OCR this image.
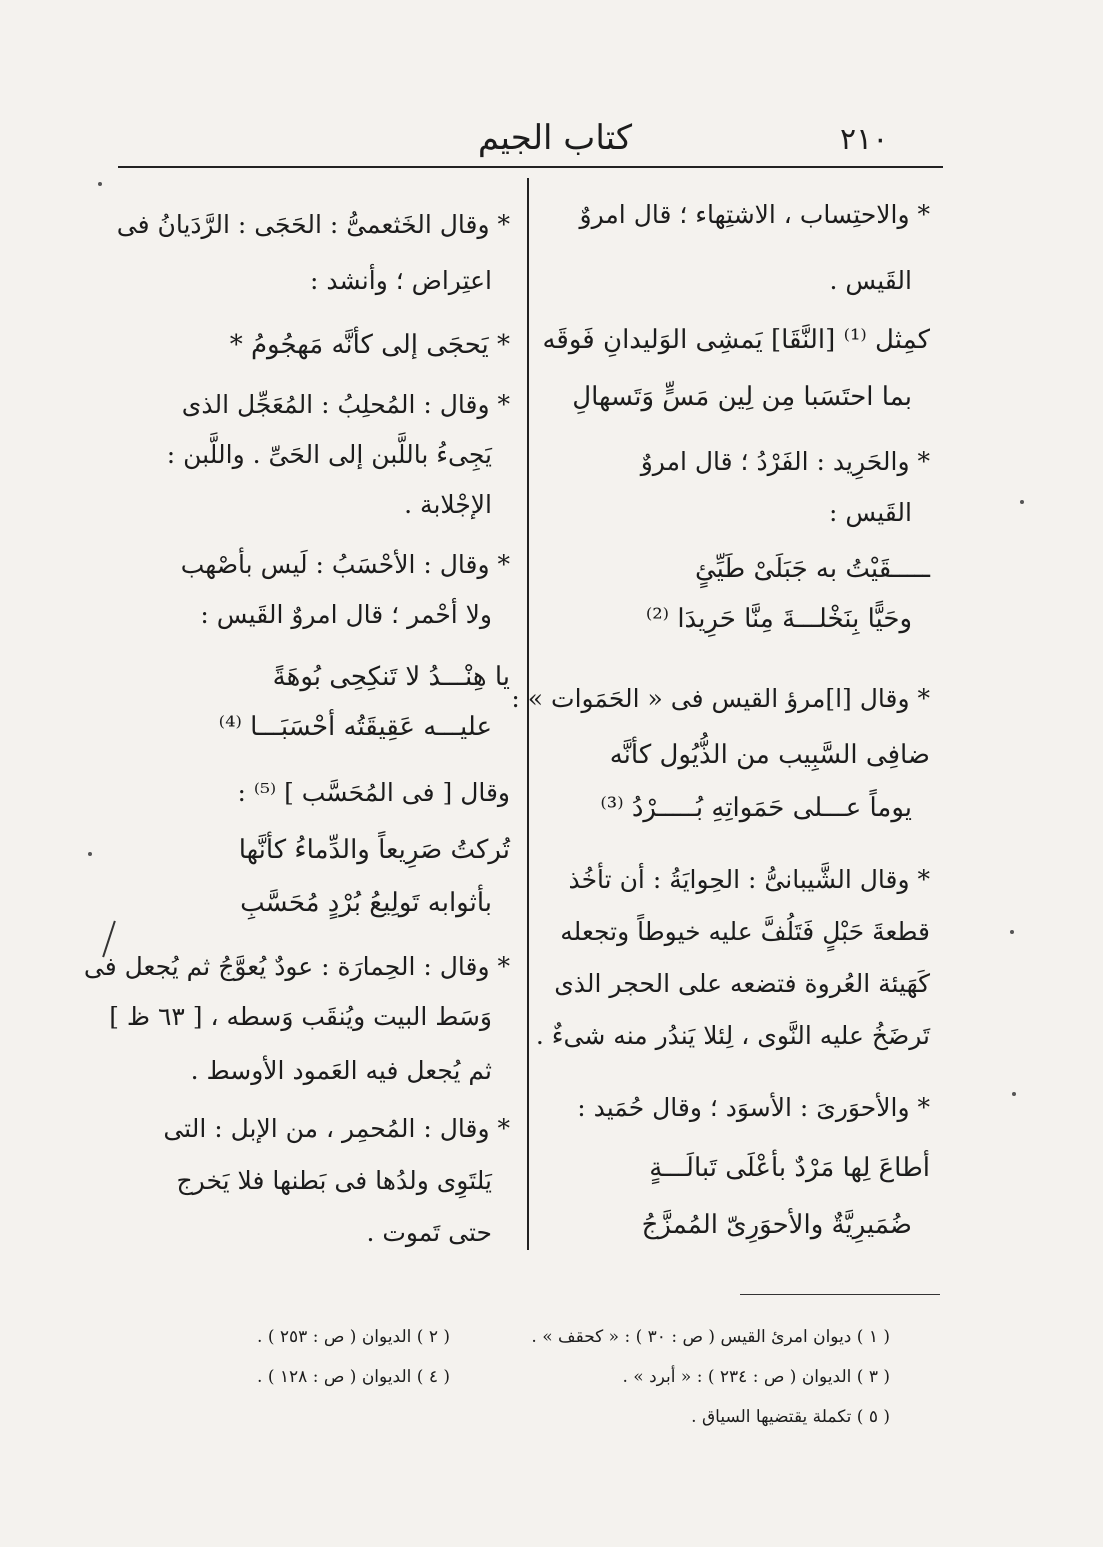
٢١٠
كتاب الجيم
* والاحتِساب ، الاشتِهاء ؛ قال امروٌ
القَيس .
كمِثل ⁽¹⁾ [النَّقَا] يَمشِى الوَليدانِ فَوقَه
بما احتَسَبا مِن لِين مَسٍّ وَتَسهالِ
* والحَرِيد : الفَرْدُ ؛ قال امروٌ
القَيس :
ـــــقَيْتُ به جَبَلَىْ طَيِّئٍ
وحَيًّا بِنَخْلـــةَ مِنَّا حَرِيدَا ⁽²⁾
* وقال [ا]مرؤ القيس فى « الحَمَوات » :
ضافِى السَّبِيب من الذُّيُول كأنَّه
يوماً عـــلى حَمَواتِهِ بُـــــرْدُ ⁽³⁾
* وقال الشَّيبانىُّ : الحِوايَةُ : أن تأخُذ
قطعةَ حَبْلٍ فَتَلُفَّ عليه خيوطاً وتجعله
كَهَيئة العُروة فتضعه على الحجر الذى
تَرضَخُ عليه النَّوى ، لِئلا يَندُر منه شىءٌ .
* والأحوَرىَ : الأسوَد ؛ وقال حُمَيد :
أطاعَ لِها مَرْدٌ بأعْلَى تَبالَـــةٍ
ضُمَيرِيَّةٌ والأحوَرِىّ المُمزَّجُ
* وقال الخَثعمىُّ : الحَجَى : الرَّدَيانُ فى
اعتِراض ؛ وأنشد :
* يَحجَى إلى كأنَّه مَهجُومُ *
* وقال : المُحلِبُ : المُعَجِّل الذى
يَجِىءُ باللَّبن إلى الحَىِّ . واللَّبن :
الإجْلابة .
* وقال : الأحْسَبُ : لَيس بأصْهب
ولا أحْمر ؛ قال امروٌ القَيس :
يا هِنْـــدُ لا تَنكِحِى بُوهَةً
عليـــه عَقِيقَتُه أحْسَبَـــا ⁽⁴⁾
وقال [ فى المُحَسَّب ] ⁽⁵⁾ :
تُركتُ صَرِيعاً والدِّماءُ كأنَّها
بأثوابه تَولِيعُ بُرْدٍ مُحَسَّبِ
* وقال : الحِمارَة : عودٌ يُعوَّجُ ثم يُجعل فى
وَسَط البيت ويُنقَب وَسطه ، [ ٦٣ ظ ]
ثم يُجعل فيه العَمود الأوسط .
* وقال : المُحمِر ، من الإبل : التى
يَلتَوِى ولدُها فى بَطنها فلا يَخرج
حتى تَموت .
( ١ ) ديوان امرئ القيس ( ص : ٣٠ ) : « كحقف » .
( ٣ ) الديوان ( ص : ٢٣٤ ) : « أبرد » .
( ٥ ) تكملة يقتضيها السياق .
( ٢ ) الديوان ( ص : ٢٥٣ ) .
( ٤ ) الديوان ( ص : ١٢٨ ) .
